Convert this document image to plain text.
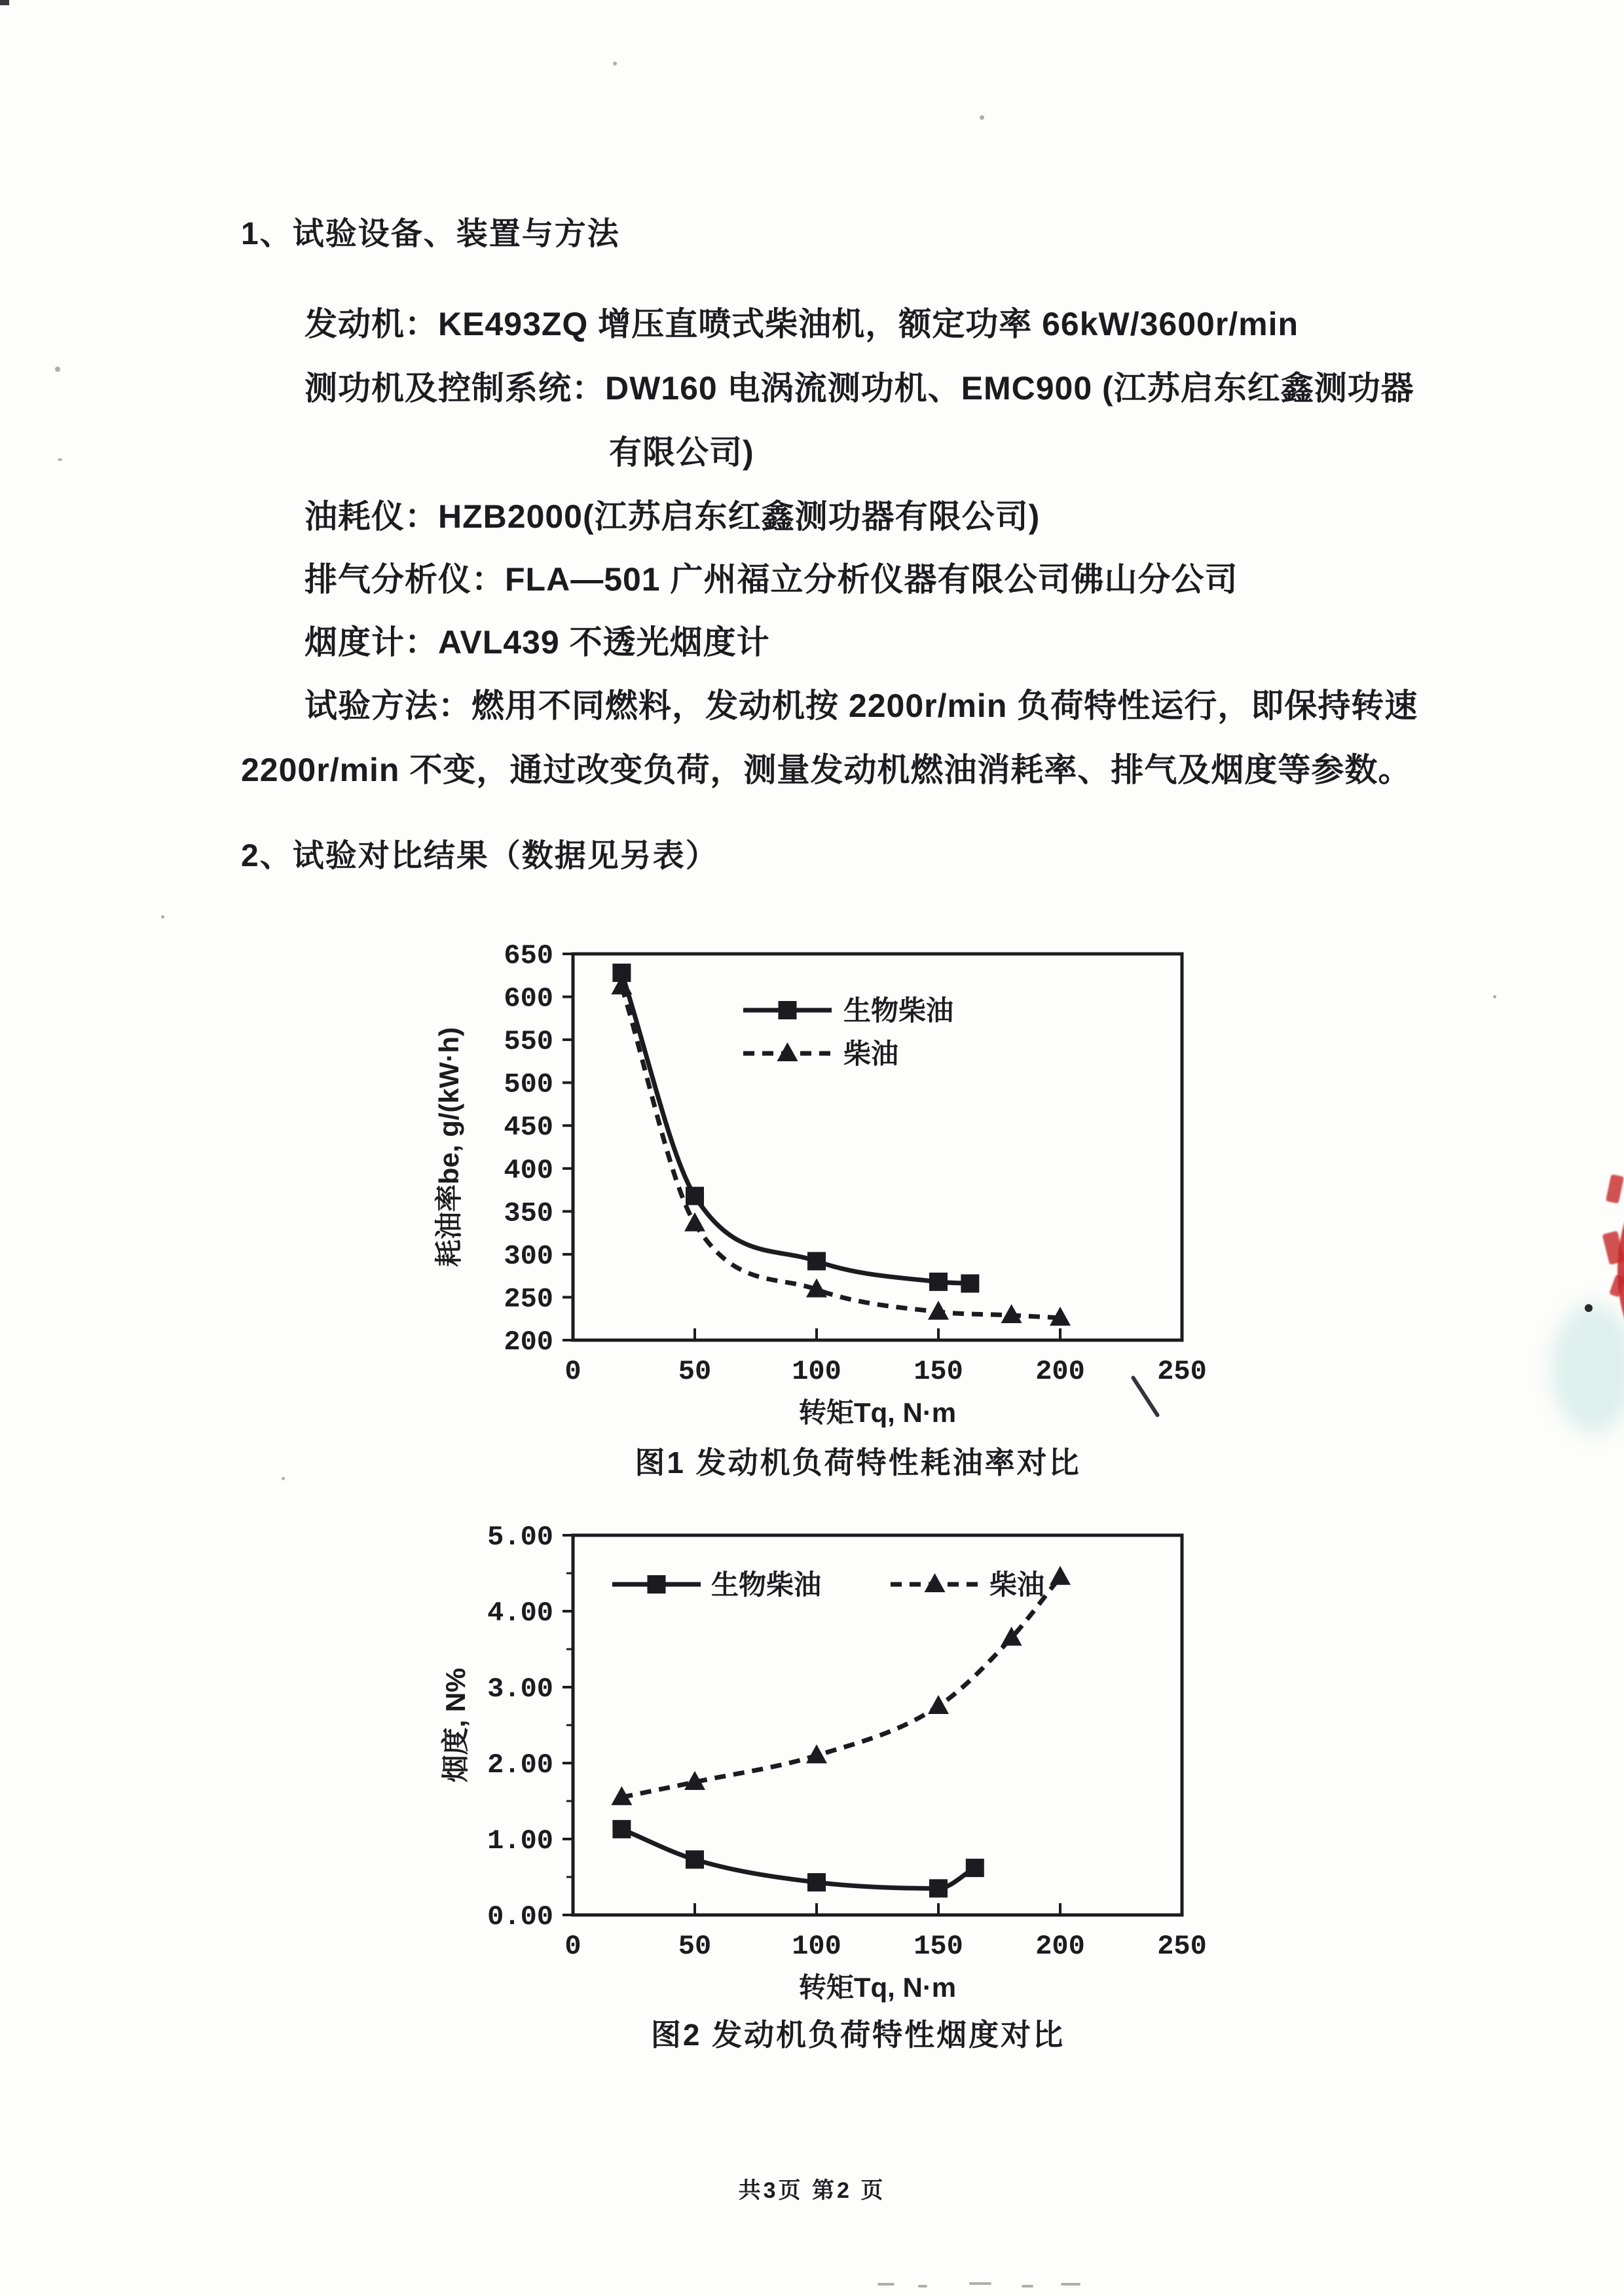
1、试验设备、装置与方法
发动机：KE493ZQ 增压直喷式柴油机，额定功率 66kW/3600r/min
测功机及控制系统：DW160 电涡流测功机、EMC900 (江苏启东红鑫测功器
有限公司)
油耗仪：HZB2000(江苏启东红鑫测功器有限公司)
排气分析仪：FLA—501 广州福立分析仪器有限公司佛山分公司
烟度计：AVL439 不透光烟度计
试验方法：燃用不同燃料，发动机按 2200r/min 负荷特性运行，即保持转速
2200r/min 不变，通过改变负荷，测量发动机燃油消耗率、排气及烟度等参数。
2、试验对比结果（数据见另表）
200
250
300
350
400
450
500
550
600
650
0	50	100	150	200	250
耗油率be, g/(kW·h)
转矩Tq, N·m
生物柴油
柴油
图1 发动机负荷特性耗油率对比
0.00
1.00
2.00
3.00
4.00
5.00
0	50	100	150	200	250
烟度, N%
转矩Tq, N·m
生物柴油	柴油
图2 发动机负荷特性烟度对比
共3页 第2 页
